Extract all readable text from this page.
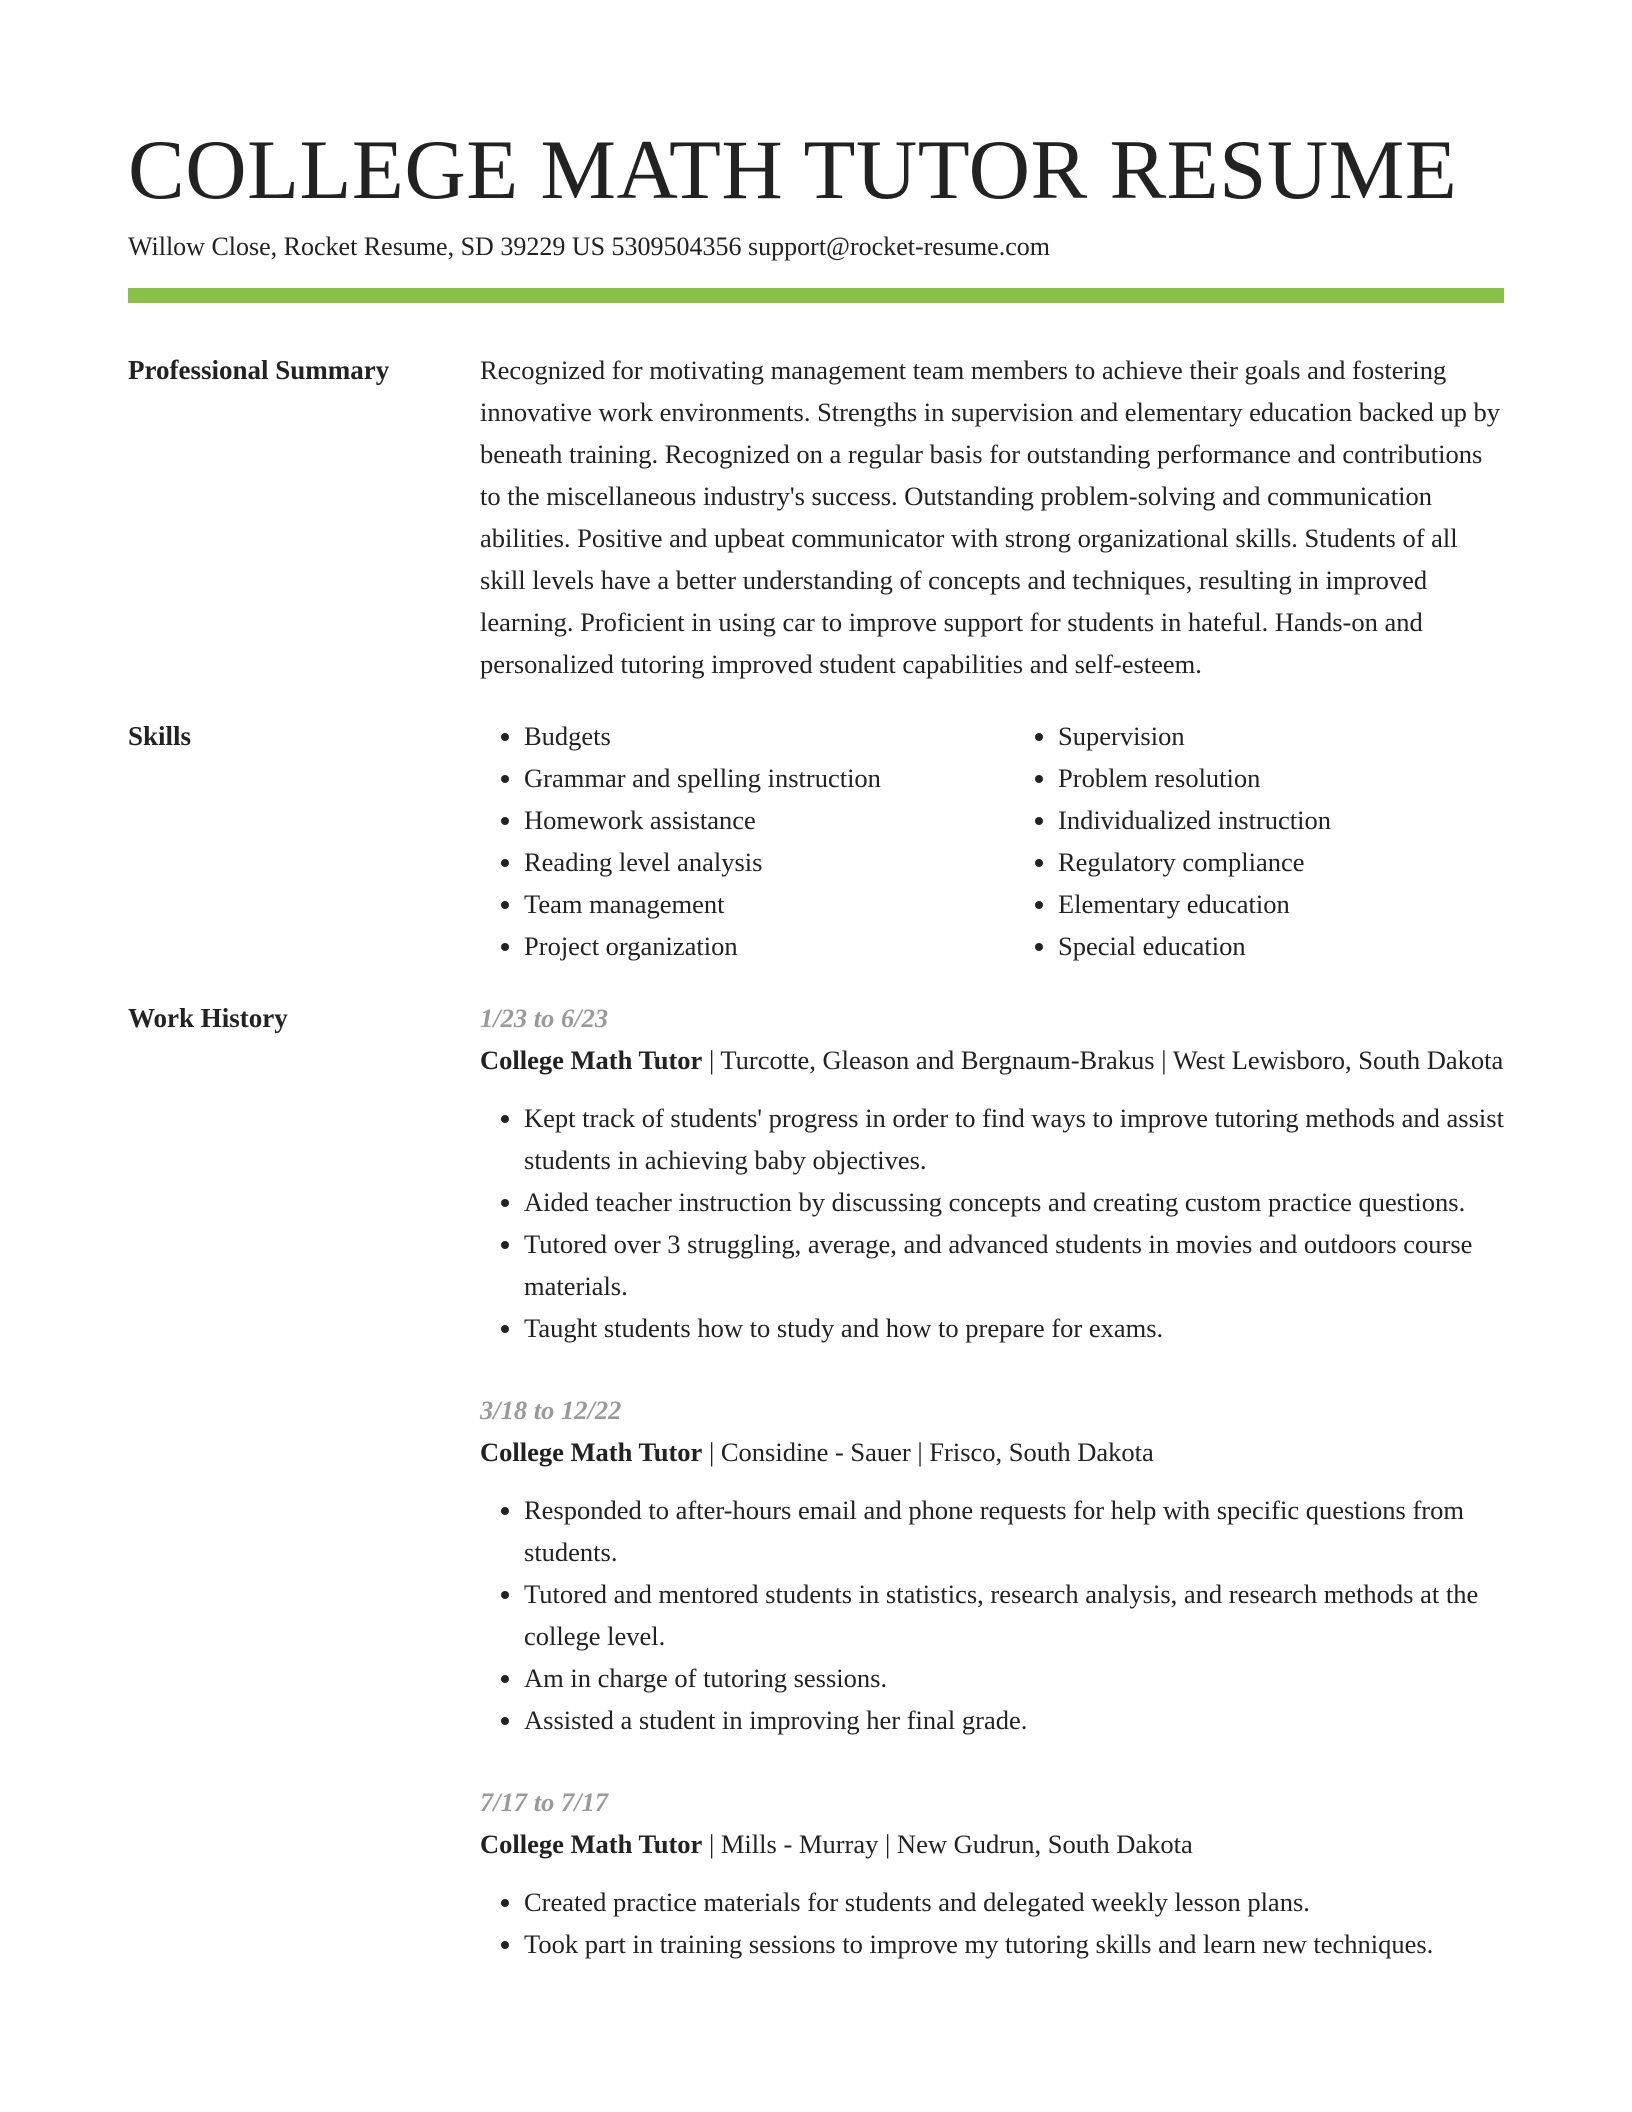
COLLEGE MATH TUTOR RESUME
Willow Close, Rocket Resume, SD 39229 US 5309504356 support@rocket-resume.com
Professional Summary	Recognized for motivating management team members to achieve their goals and fostering innovative work environments. Strengths in supervision and elementary education backed up by beneath training. Recognized on a regular basis for outstanding performance and contributions to the miscellaneous industry's success. Outstanding problem-solving and communication abilities. Positive and upbeat communicator with strong organizational skills. Students of all skill levels have a better understanding of concepts and techniques, resulting in improved learning. Proficient in using car to improve support for students in hateful. Hands-on and personalized tutoring improved student capabilities and self-esteem.

Skills
•	Budgets
• Grammar and spelling instruction
• Homework assistance
• Reading level analysis
• Team management
• Project organization
• Supervision
• Problem resolution
• Individualized instruction
• Regulatory compliance
• Elementary education
• Special education
Work History	1/23 to 6/23
College Math Tutor | Turcotte, Gleason and Bergnaum-Brakus | West Lewisboro, South Dakota
• Kept track of students' progress in order to find ways to improve tutoring methods and assist students in achieving baby objectives.
• Aided teacher instruction by discussing concepts and creating custom practice questions.
• Tutored over 3 struggling, average, and advanced students in movies and outdoors course materials.
• Taught students how to study and how to prepare for exams.
3/18 to 12/22
College Math Tutor | Considine - Sauer | Frisco, South Dakota
• Responded to after-hours email and phone requests for help with specific questions from students.
• Tutored and mentored students in statistics, research analysis, and research methods at the college level.
• Am in charge of tutoring sessions.
• Assisted a student in improving her final grade.
7/17 to 7/17
College Math Tutor | Mills - Murray | New Gudrun, South Dakota
• Created practice materials for students and delegated weekly lesson plans.
• Took part in training sessions to improve my tutoring skills and learn new techniques.
